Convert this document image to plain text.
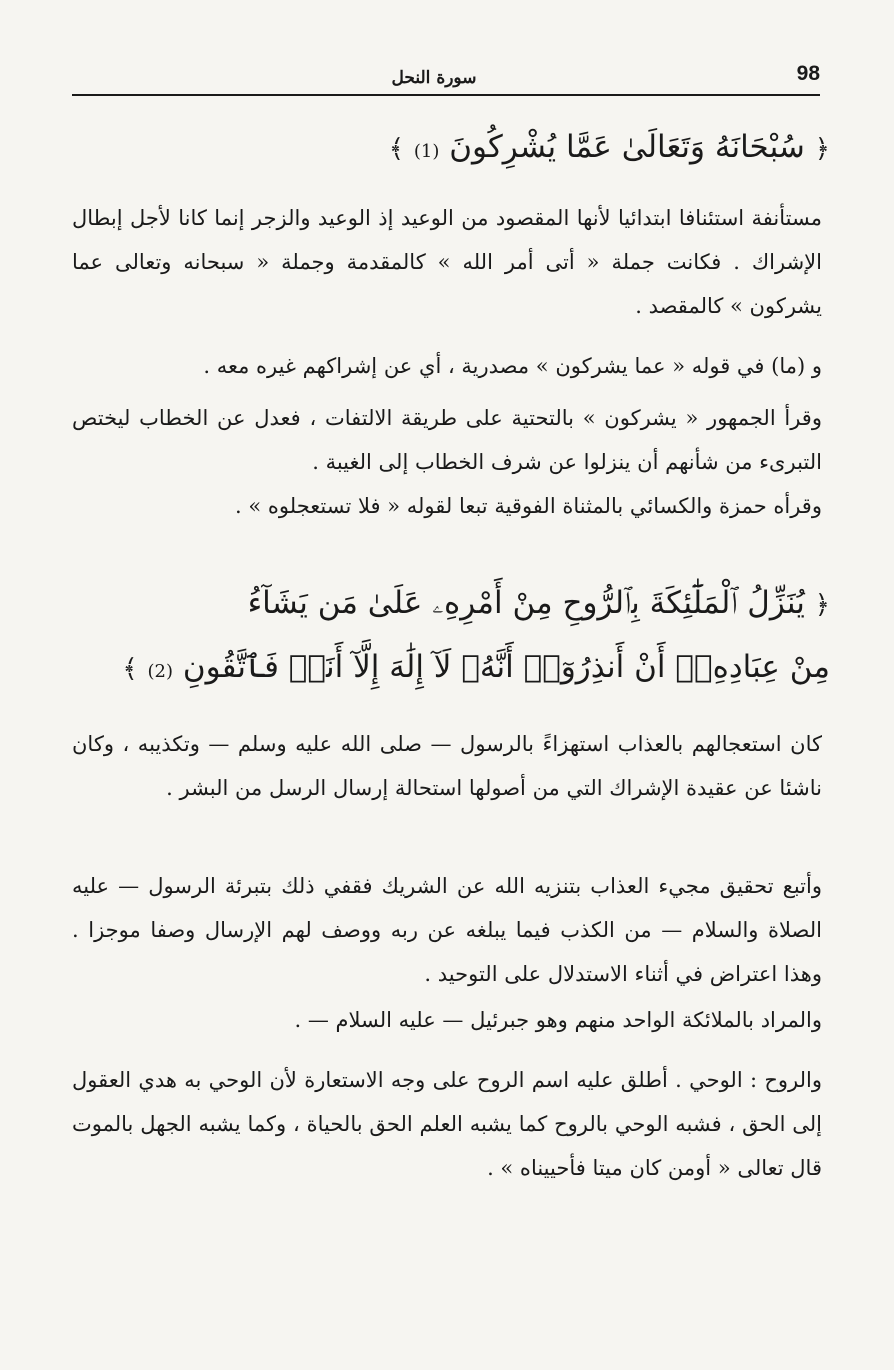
98
سورة النحل
﴿ سُبْحَانَهُ وَتَعَالَىٰ عَمَّا يُشْرِكُونَ (1) ﴾

مستأنفة استئنافا ابتدائيا لأنها المقصود من الوعيد إذ الوعيد والزجر إنما كانا لأجل إبطال الإشراك . فكانت جملة « أتى أمر الله » كالمقدمة وجملة « سبحانه وتعالى عما يشركون » كالمقصد .

و (ما) في قوله « عما يشركون » مصدرية ، أي عن إشراكهم غيره معه .

وقرأ الجمهور « يشركون » بالتحتية على طريقة الالتفات ، فعدل عن الخطاب ليختص التبرىء من شأنهم أن ينزلوا عن شرف الخطاب إلى الغيبة .

وقرأه حمزة والكسائي بالمثناة الفوقية تبعا لقوله « فلا تستعجلوه » .

﴿ يُنَزِّلُ ٱلْمَلَٰٓئِكَةَ بِٱلرُّوحِ مِنْ أَمْرِهِۦ عَلَىٰ مَن يَشَآءُ
مِنْ عِبَادِهِۦٓ أَنْ أَنذِرُوٓا۟ أَنَّهُۥ لَآ إِلَٰهَ إِلَّآ أَنَا۠ فَٱتَّقُونِ (2) ﴾

كان استعجالهم بالعذاب استهزاءً بالرسول — صلى الله عليه وسلم — وتكذيبه ، وكان ناشئا عن عقيدة الإشراك التي من أصولها استحالة إرسال الرسل من البشر .

وأتبع تحقيق مجيء العذاب بتنزيه الله عن الشريك فقفي ذلك بتبرئة الرسول — عليه الصلاة والسلام — من الكذب فيما يبلغه عن ربه ووصف لهم الإرسال وصفا موجزا . وهذا اعتراض في أثناء الاستدلال على التوحيد .

والمراد بالملائكة الواحد منهم وهو جبرئيل — عليه السلام — .

والروح : الوحي . أطلق عليه اسم الروح على وجه الاستعارة لأن الوحي به هدي العقول إلى الحق ، فشبه الوحي بالروح كما يشبه العلم الحق بالحياة ، وكما يشبه الجهل بالموت قال تعالى « أومن كان ميتا فأحييناه » .
